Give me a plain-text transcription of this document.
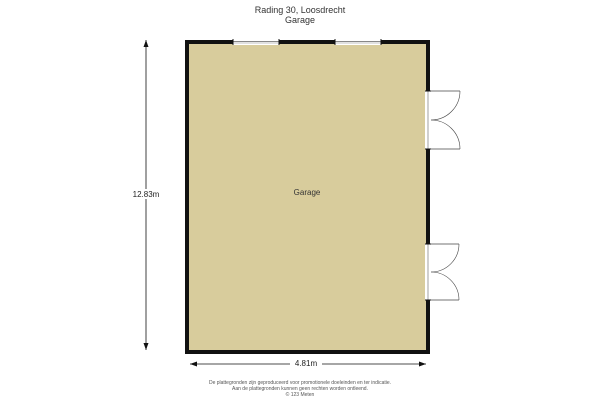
Rading 30, Loosdrecht
Garage
Garage
12.83m
4.81m
De plattegronden zijn geproduceerd voor promotionele doeleinden en ter indicatie.
Aan de plattegronden kunnen geen rechten worden ontleend.
© 123 Meten
